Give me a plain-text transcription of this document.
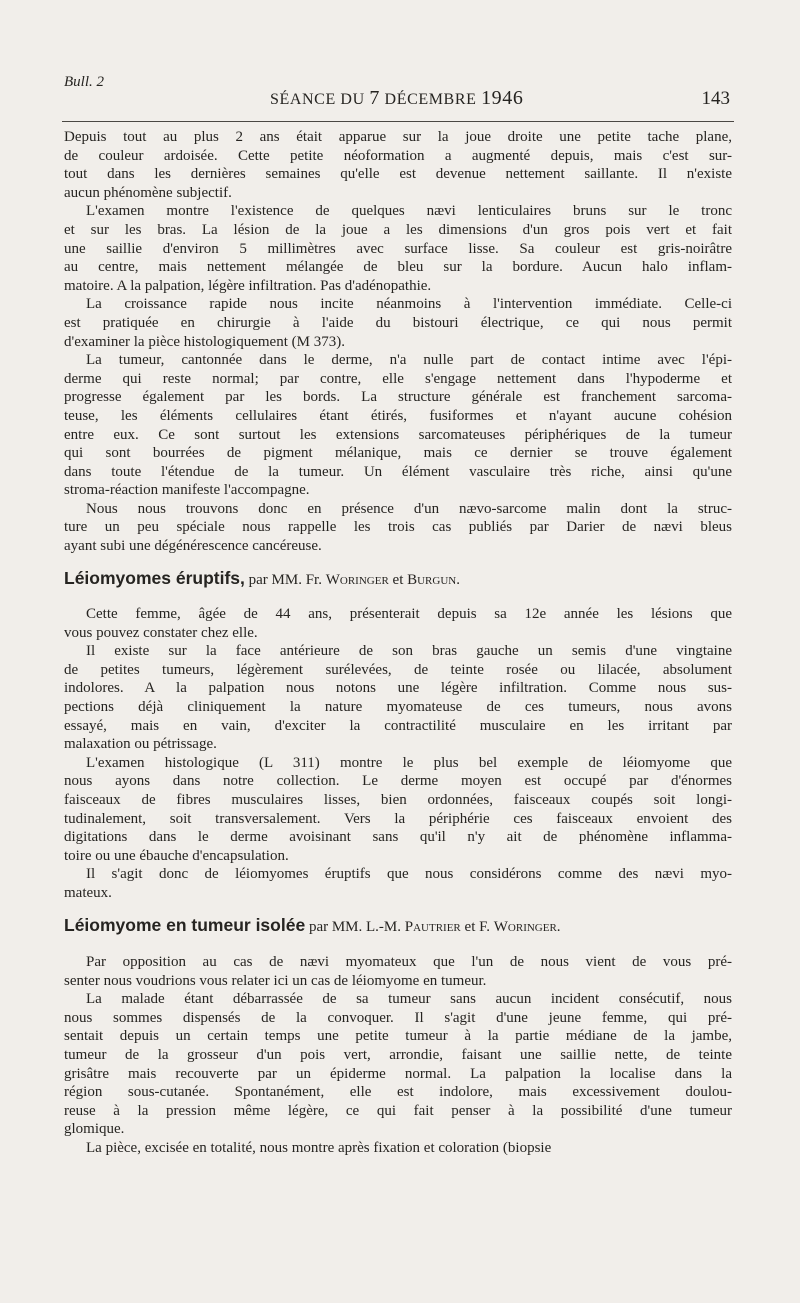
Bull. 2
SÉANCE DU 7 DÉCEMBRE 1946	143
Depuis tout au plus 2 ans était apparue sur la joue droite une petite tache plane,
de couleur ardoisée. Cette petite néoformation a augmenté depuis, mais c'est sur-
tout dans les dernières semaines qu'elle est devenue nettement saillante. Il n'existe
aucun phénomène subjectif.
L'examen montre l'existence de quelques nævi lenticulaires bruns sur le tronc
et sur les bras. La lésion de la joue a les dimensions d'un gros pois vert et fait
une saillie d'environ 5 millimètres avec surface lisse. Sa couleur est gris-noirâtre
au centre, mais nettement mélangée de bleu sur la bordure. Aucun halo inflam-
matoire. A la palpation, légère infiltration. Pas d'adénopathie.
La croissance rapide nous incite néanmoins à l'intervention immédiate. Celle-ci
est pratiquée en chirurgie à l'aide du bistouri électrique, ce qui nous permit
d'examiner la pièce histologiquement (M 373).
La tumeur, cantonnée dans le derme, n'a nulle part de contact intime avec l'épi-
derme qui reste normal; par contre, elle s'engage nettement dans l'hypoderme et
progresse également par les bords. La structure générale est franchement sarcoma-
teuse, les éléments cellulaires étant étirés, fusiformes et n'ayant aucune cohésion
entre eux. Ce sont surtout les extensions sarcomateuses périphériques de la tumeur
qui sont bourrées de pigment mélanique, mais ce dernier se trouve également
dans toute l'étendue de la tumeur. Un élément vasculaire très riche, ainsi qu'une
stroma-réaction manifeste l'accompagne.
Nous nous trouvons donc en présence d'un nævo-sarcome malin dont la struc-
ture un peu spéciale nous rappelle les trois cas publiés par Darier de nævi bleus
ayant subi une dégénérescence cancéreuse.
Léiomyomes éruptifs, par MM. Fr. Woringer et Burgun.
Cette femme, âgée de 44 ans, présenterait depuis sa 12e année les lésions que
vous pouvez constater chez elle.
Il existe sur la face antérieure de son bras gauche un semis d'une vingtaine
de petites tumeurs, légèrement surélevées, de teinte rosée ou lilacée, absolument
indolores. A la palpation nous notons une légère infiltration. Comme nous sus-
pections déjà cliniquement la nature myomateuse de ces tumeurs, nous avons
essayé, mais en vain, d'exciter la contractilité musculaire en les irritant par
malaxation ou pétrissage.
L'examen histologique (L 311) montre le plus bel exemple de léiomyome que
nous ayons dans notre collection. Le derme moyen est occupé par d'énormes
faisceaux de fibres musculaires lisses, bien ordonnées, faisceaux coupés soit longi-
tudinalement, soit transversalement. Vers la périphérie ces faisceaux envoient des
digitations dans le derme avoisinant sans qu'il n'y ait de phénomène inflamma-
toire ou une ébauche d'encapsulation.
Il s'agit donc de léiomyomes éruptifs que nous considérons comme des nævi myo-
mateux.
Léiomyome en tumeur isolée par MM. L.-M. Pautrier et F. Woringer.
Par opposition au cas de nævi myomateux que l'un de nous vient de vous pré-
senter nous voudrions vous relater ici un cas de léiomyome en tumeur.
La malade étant débarrassée de sa tumeur sans aucun incident consécutif, nous
nous sommes dispensés de la convoquer. Il s'agit d'une jeune femme, qui pré-
sentait depuis un certain temps une petite tumeur à la partie médiane de la jambe,
tumeur de la grosseur d'un pois vert, arrondie, faisant une saillie nette, de teinte
grisâtre mais recouverte par un épiderme normal. La palpation la localise dans la
région sous-cutanée. Spontanément, elle est indolore, mais excessivement doulou-
reuse à la pression même légère, ce qui fait penser à la possibilité d'une tumeur
glomique.
La pièce, excisée en totalité, nous montre après fixation et coloration (biopsie
